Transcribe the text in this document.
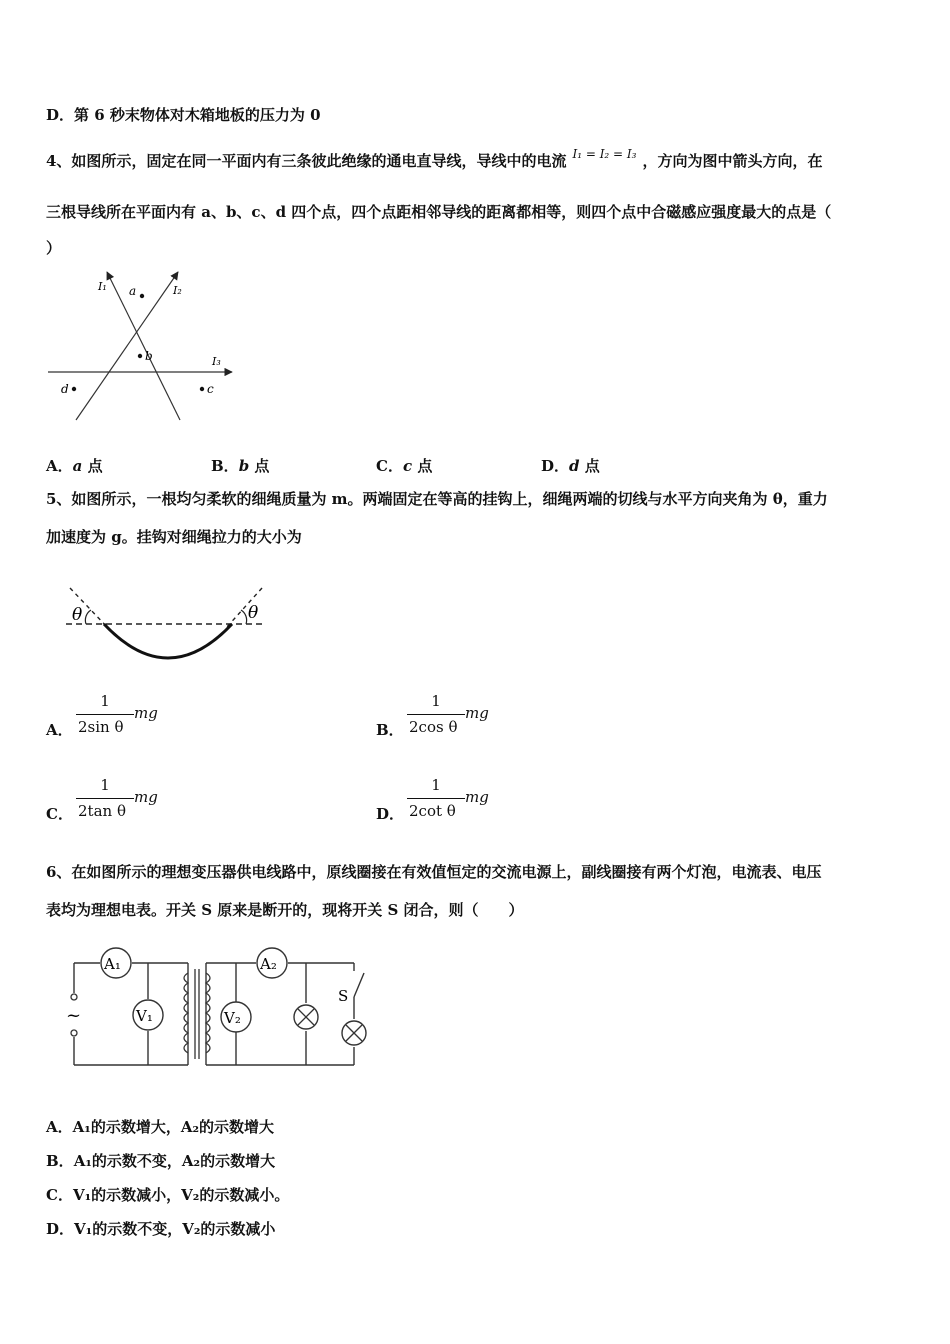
D．第 6 秒末物体对木箱地板的压力为 0
4、如图所示，固定在同一平面内有三条彼此绝缘的通电直导线，导线中的电流 $^{I_1 = I_2 = I_3}$ ，方向为图中箭头方向，在
三根导线所在平面内有 a、b、c、d 四个点，四个点距相邻导线的距离都相等，则四个点中合磁感应强度最大的点是（
）
I₁	I₂
I₃
a
b
c
d
A．a 点	B．b 点	C．c 点	D．d 点
5、如图所示，一根均匀柔软的细绳质量为 m。两端固定在等高的挂钩上，细绳两端的切线与水平方向夹角为 θ，重力
加速度为 g。挂钩对细绳拉力的大小为
θ	θ
A．
1
2sin θ
mg
B．
1
2cos θ
mg
C．
1
2tan θ
mg
D．
1
2cot θ
mg
6、在如图所示的理想变压器供电线路中，原线圈接在有效值恒定的交流电源上，副线圈接有两个灯泡，电流表、电压
表均为理想电表。开关 S 原来是断开的，现将开关 S 闭合，则（　　）
~
A₁
V₁
A₂
V₂
S
A．A₁的示数增大，A₂的示数增大
B．A₁的示数不变，A₂的示数增大
C．V₁的示数减小，V₂的示数减小。
D．V₁的示数不变，V₂的示数减小
